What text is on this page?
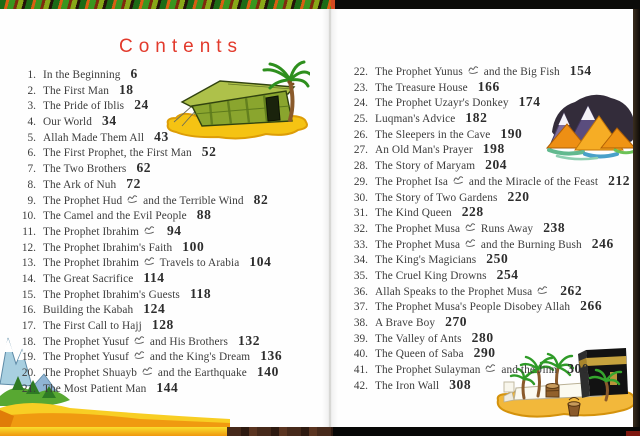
Contents
1. In the Beginning 6
2. The First Man 18
3. The Pride of Iblis 24
4. Our World 34
5. Allah Made Them All 43
6. The First Prophet, the First Man 52
7. The Two Brothers 62
8. The Ark of Nuh 72
9. The Prophet Hud  and the Terrible Wind 82
10. The Camel and the Evil People 88
11. The Prophet Ibrahim	94
12. The Prophet Ibrahim's Faith 100
13. The Prophet Ibrahim  Travels to Arabia 104
14. The Great Sacrifice 114
15. The Prophet Ibrahim's Guests 118
16. Building the Kabah 124
17. The First Call to Hajj 128
18. The Prophet Yusuf  and His Brothers 132
19. The Prophet Yusuf  and the King's Dream 136
20. The Prophet Shuayb  and the Earthquake 140
21. The Most Patient Man 144
22. The Prophet Yunus  and the Big Fish 154
23. The Treasure House 166
24. The Prophet Uzayr's Donkey 174
25. Luqman's Advice 182
26. The Sleepers in the Cave 190
27. An Old Man's Prayer 198
28. The Story of Maryam 204
29. The Prophet Isa  and the Miracle of the Feast 212
30. The Story of Two Gardens 220
31. The Kind Queen 228
32. The Prophet Musa  Runs Away 238
33. The Prophet Musa  and the Burning Bush 246
34. The King's Magicians 250
35. The Cruel King Drowns 254
36. Allah Speaks to the Prophet Musa	262
37. The Prophet Musa's People Disobey Allah 266
38. A Brave Boy 270
39. The Valley of Ants 280
40. The Queen of Saba 290
41. The Prophet Sulayman  and the Jinn 300
42. The Iron Wall 308
